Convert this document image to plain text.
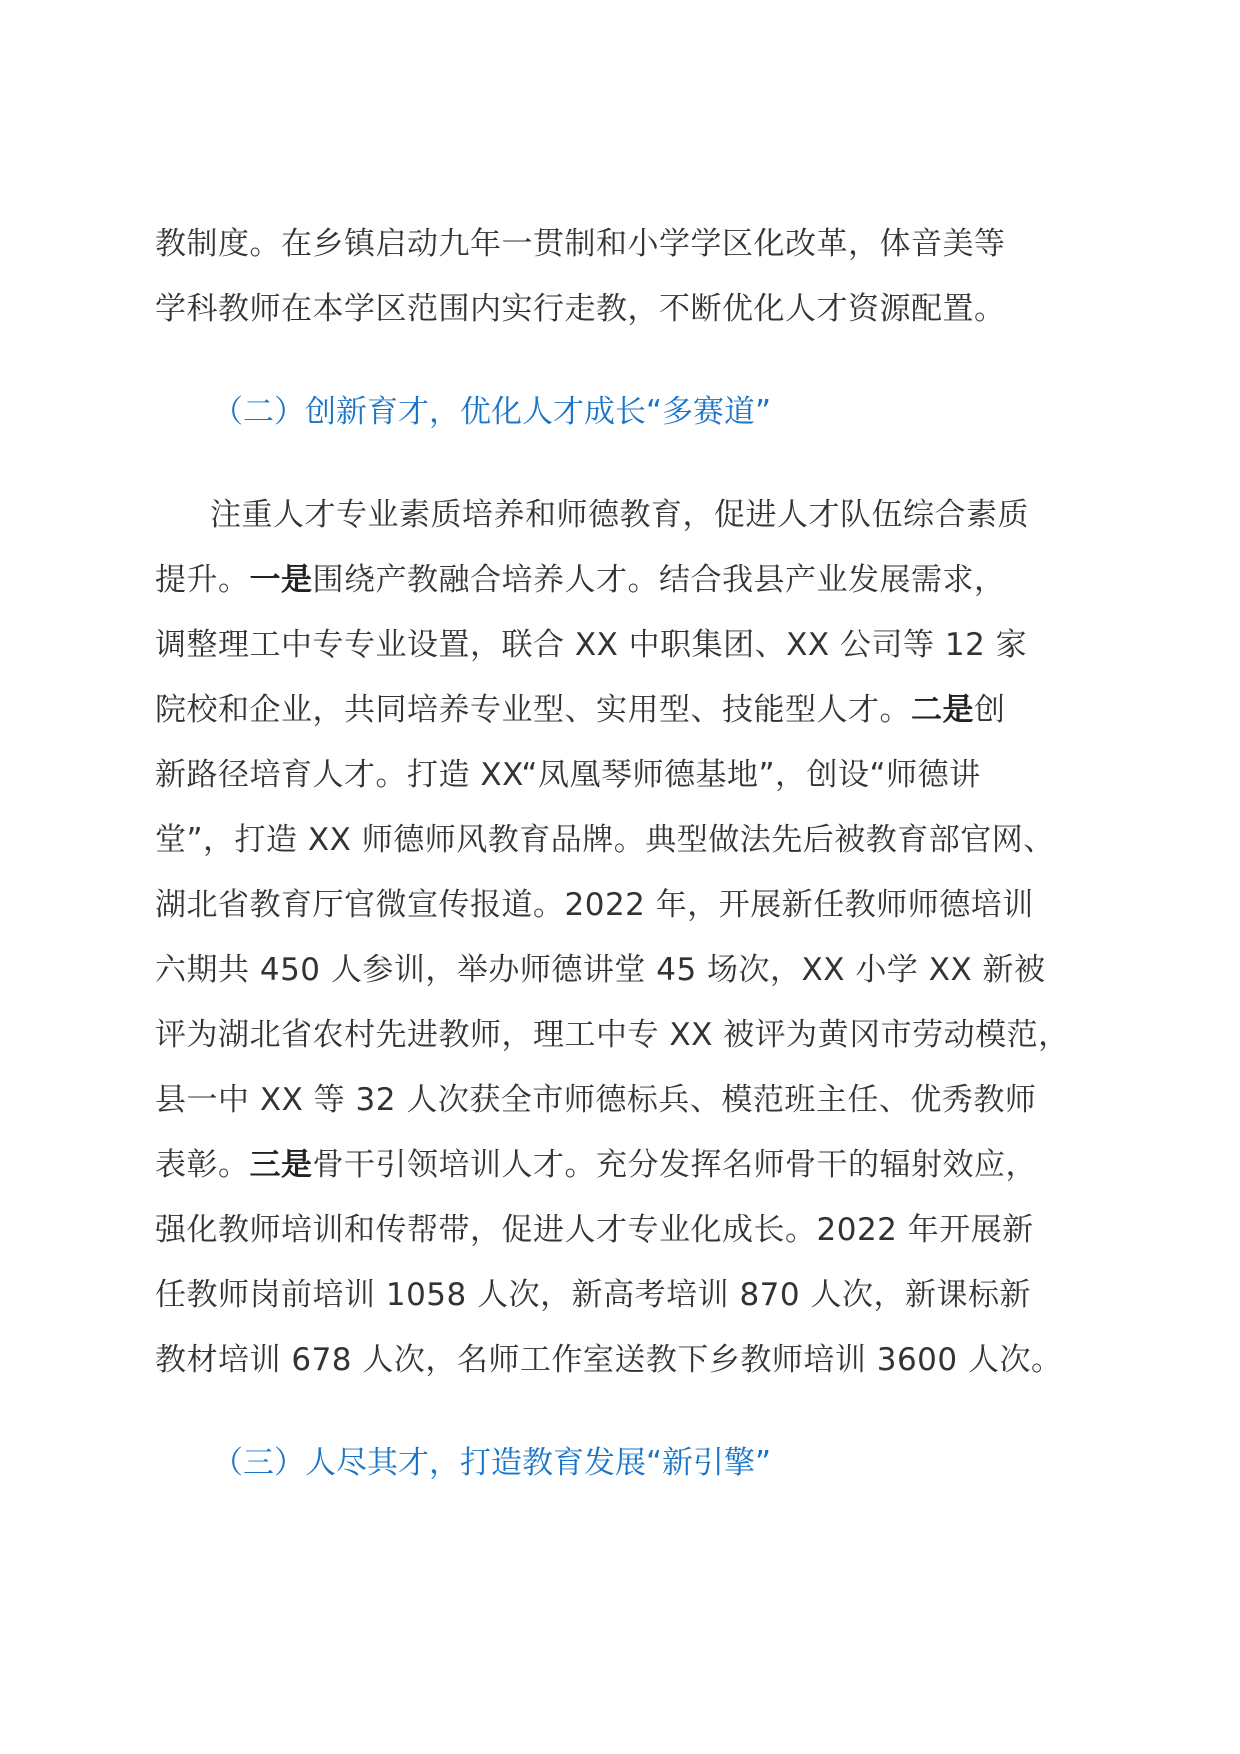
教制度。在乡镇启动九年一贯制和小学学区化改革，体音美等
学科教师在本学区范围内实行走教，不断优化人才资源配置。
（二）创新育才，优化人才成长“多赛道”
注重人才专业素质培养和师德教育，促进人才队伍综合素质
提升。一是围绕产教融合培养人才。结合我县产业发展需求，
调整理工中专专业设置，联合 XX 中职集团、XX 公司等 12 家
院校和企业，共同培养专业型、实用型、技能型人才。二是创
新路径培育人才。打造 XX“凤凰琴师德基地”，创设“师德讲
堂”，打造 XX 师德师风教育品牌。典型做法先后被教育部官网、
湖北省教育厅官微宣传报道。2022 年，开展新任教师师德培训
六期共 450 人参训，举办师德讲堂 45 场次，XX 小学 XX 新被
评为湖北省农村先进教师，理工中专 XX 被评为黄冈市劳动模范，
县一中 XX 等 32 人次获全市师德标兵、模范班主任、优秀教师
表彰。三是骨干引领培训人才。充分发挥名师骨干的辐射效应，
强化教师培训和传帮带，促进人才专业化成长。2022 年开展新
任教师岗前培训 1058 人次，新高考培训 870 人次，新课标新
教材培训 678 人次，名师工作室送教下乡教师培训 3600 人次。
（三）人尽其才，打造教育发展“新引擎”
